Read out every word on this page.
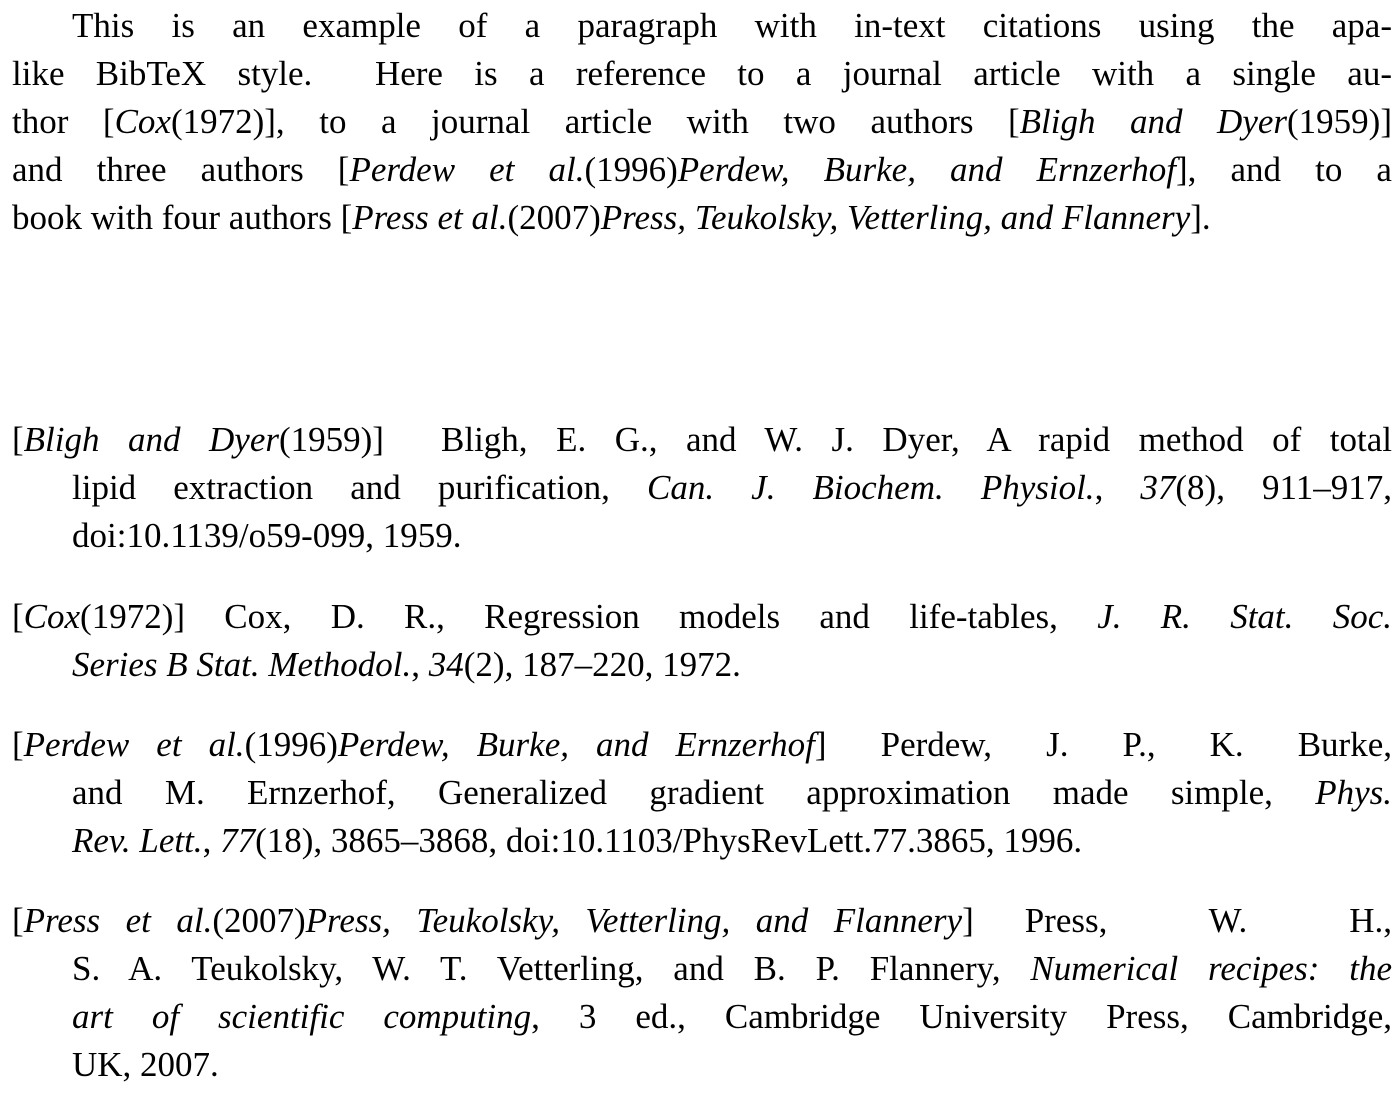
This is an example of a paragraph with in-text citations using the apa-
like BibTeX style.  Here is a reference to a journal article with a single au-
thor [Cox(1972)], to a journal article with two authors [Bligh and Dyer(1959)]
and three authors [Perdew et al.(1996)Perdew, Burke, and Ernzerhof], and to a
book with four authors [Press et al.(2007)Press, Teukolsky, Vetterling, and Flannery].
[Bligh and Dyer(1959)]  Bligh, E. G., and W. J. Dyer, A rapid method of total
lipid extraction and purification, Can. J. Biochem. Physiol., 37(8), 911–917,
doi:10.1139/o59-099, 1959.
[Cox(1972)]  Cox,  D.  R.,  Regression  models  and  life-tables,  J.  R.  Stat.  Soc.
Series B Stat. Methodol., 34(2), 187–220, 1972.
[Perdew et al.(1996)Perdew, Burke, and Ernzerhof]  Perdew,  J.  P.,  K.  Burke,
and M. Ernzerhof, Generalized gradient approximation made simple, Phys.
Rev. Lett., 77(18), 3865–3868, doi:10.1103/PhysRevLett.77.3865, 1996.
[Press et al.(2007)Press, Teukolsky, Vetterling, and Flannery]  Press,    W.    H.,
S. A. Teukolsky, W. T. Vetterling, and B. P. Flannery, Numerical recipes: the
art of scientific computing, 3 ed., Cambridge University Press, Cambridge,
UK, 2007.
